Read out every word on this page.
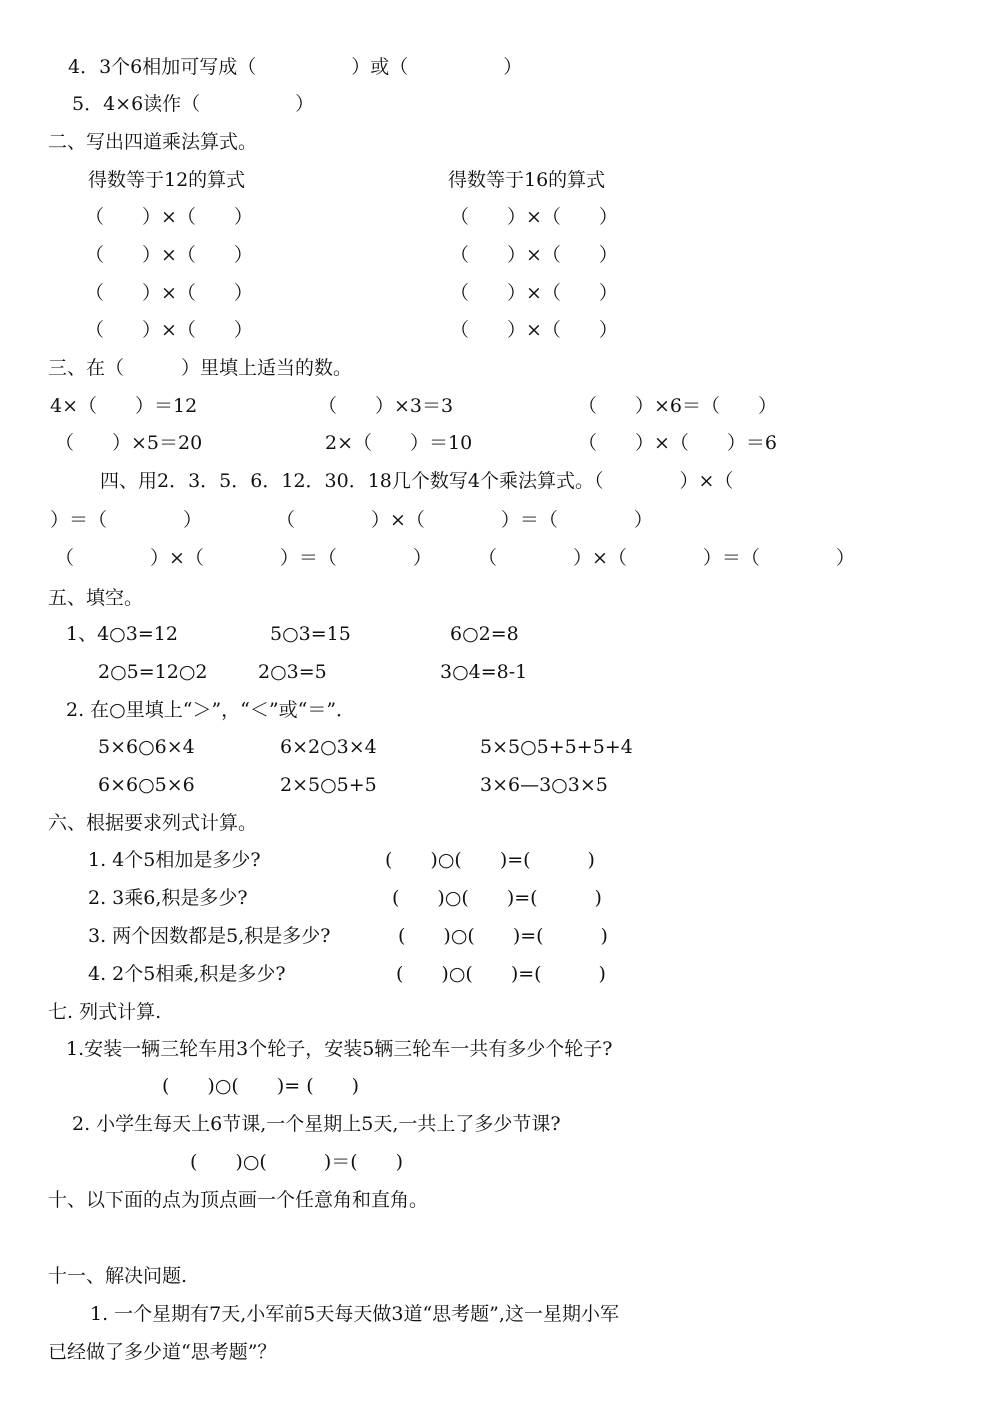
4．3个6相加可写成（　　　　　）或（　　　　　）
5．4×6读作（　　　　　）
二、写出四道乘法算式。
得数等于12的算式	得数等于16的算式
（　　）×（　　）	（　　）×（　　）
（　　）×（　　）	（　　）×（　　）
（　　）×（　　）	（　　）×（　　）
（　　）×（　　）	（　　）×（　　）
三、在（　　　）里填上适当的数。
4×（　　）＝12	（　　）×3＝3	（　　）×6＝（　　）
（　　）×5＝20	2×（　　）＝10	（　　）×（　　）＝6
四、用2．3．5．6．12．30．18几个数写4个乘法算式。（　　　　）×（
）＝（　　　　）	（　　　　）×（　　　　）＝（　　　　）
（　　　　）×（　　　　）＝（　　　　） （　　　　）×（　　　　）＝（　　　　）
五、填空。
1、4○3=12	5○3=15	6○2=8
2○5=12○2	2○3=5	3○4=8-1
2. 在○里填上“＞”，“＜”或“＝”．
5×6○6×4	6×2○3×4	5×5○5+5+5+4
6×6○5×6	2×5○5+5	3×6—3○3×5
六、根据要求列式计算。
1. 4个5相加是多少?	(　　)○(　　)=(　　　)
2. 3乘6,积是多少?	(　　)○(　　)=(　　　)
3. 两个因数都是5,积是多少?	(　　)○(　　)=(　　　)
4. 2个5相乘,积是多少?	(　　)○(　　)=(　　　)
七. 列式计算.
1.安装一辆三轮车用3个轮子，安装5辆三轮车一共有多少个轮子?
(　　)○(　　)= (　　)
2. 小学生每天上6节课,一个星期上5天,一共上了多少节课?
(　　)○(　　　)＝(　　)
十、以下面的点为顶点画一个任意角和直角。
十一、解决问题.
1. 一个星期有7天,小军前5天每天做3道“思考题”,这一星期小军
已经做了多少道“思考题”？
